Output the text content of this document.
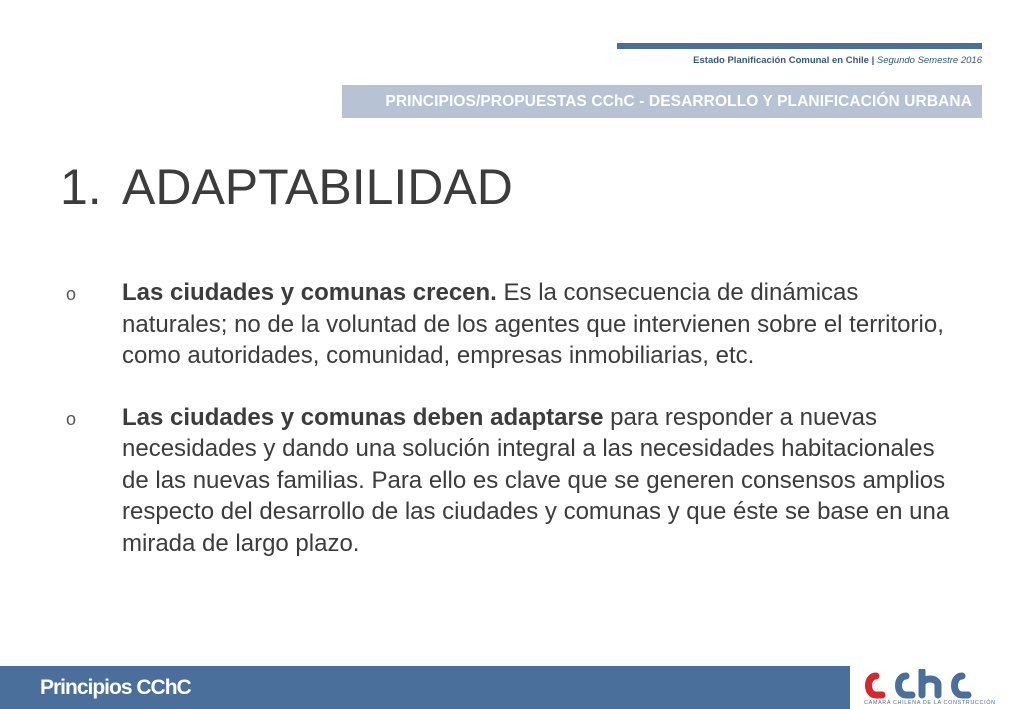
Estado Planificación Comunal en Chile | Segundo Semestre 2016
PRINCIPIOS/PROPUESTAS CChC - DESARROLLO Y PLANIFICACIÓN URBANA
1. ADAPTABILIDAD
o Las ciudades y comunas crecen. Es la consecuencia de dinámicas naturales; no de la voluntad de los agentes que intervienen sobre el territorio, como autoridades, comunidad, empresas inmobiliarias, etc.
o Las ciudades y comunas deben adaptarse para responder a nuevas necesidades y dando una solución integral a las necesidades habitacionales de las nuevas familias. Para ello es clave que se generen consensos amplios respecto del desarrollo de las ciudades y comunas y que éste se base en una mirada de largo plazo.
Principios CChC
CÁMARA CHILENA DE LA CONSTRUCCIÓN
